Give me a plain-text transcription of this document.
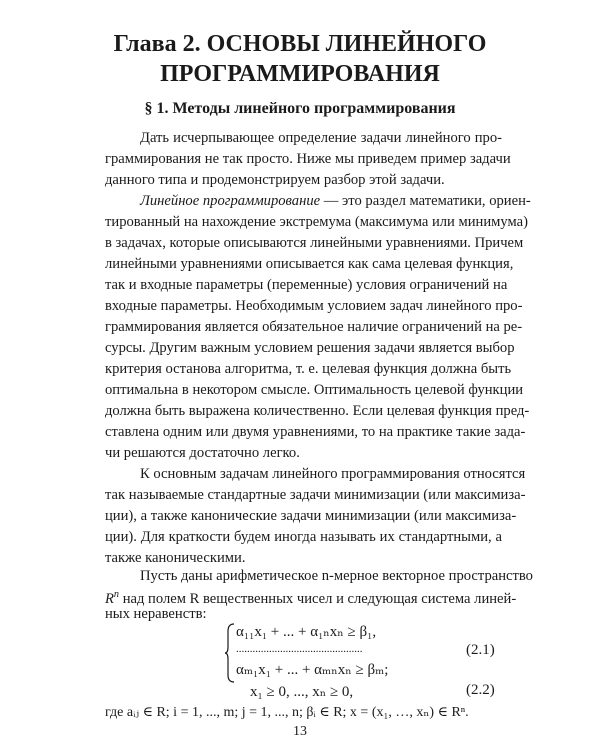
Глава 2. ОСНОВЫ ЛИНЕЙНОГО
ПРОГРАММИРОВАНИЯ
§ 1. Методы линейного программирования
Дать исчерпывающее определение задачи линейного про-
граммирования не так просто. Ниже мы приведем пример задачи
данного типа и продемонстрируем разбор этой задачи.
Линейное программирование — это раздел математики, ориен-
тированный на нахождение экстремума (максимума или минимума)
в задачах, которые описываются линейными уравнениями. Причем
линейными уравнениями описывается как сама целевая функция,
так и входные параметры (переменные) условия ограничений на
входные параметры. Необходимым условием задач линейного про-
граммирования является обязательное наличие ограничений на ре-
сурсы. Другим важным условием решения задачи является выбор
критерия останова алгоритма, т. е. целевая функция должна быть
оптимальна в некотором смысле. Оптимальность целевой функции
должна быть выражена количественно. Если целевая функция пред-
ставлена одним или двумя уравнениями, то на практике такие зада-
чи решаются достаточно легко.
К основным задачам линейного программирования относятся
так называемые стандартные задачи минимизации (или максимиза-
ции), а также канонические задачи минимизации (или максимиза-
ции). Для краткости будем иногда называть их стандартными, а
также каноническими.
Пусть даны арифметическое n-мерное векторное пространство
$R^n$ над полем R вещественных чисел и следующая система линей-
ных неравенств:
α₁₁x₁ + ... + α₁ₙxₙ ≥ β₁,
..............................................
αₘ₁x₁ + ... + αₘₙxₙ ≥ βₘ;
(2.1)
x₁ ≥ 0, ..., xₙ ≥ 0,	(2.2)
где aᵢⱼ ∈ R; i = 1, ..., m; j = 1, ..., n; βᵢ ∈ R; x = (x₁, …, xₙ) ∈ Rⁿ.
13
